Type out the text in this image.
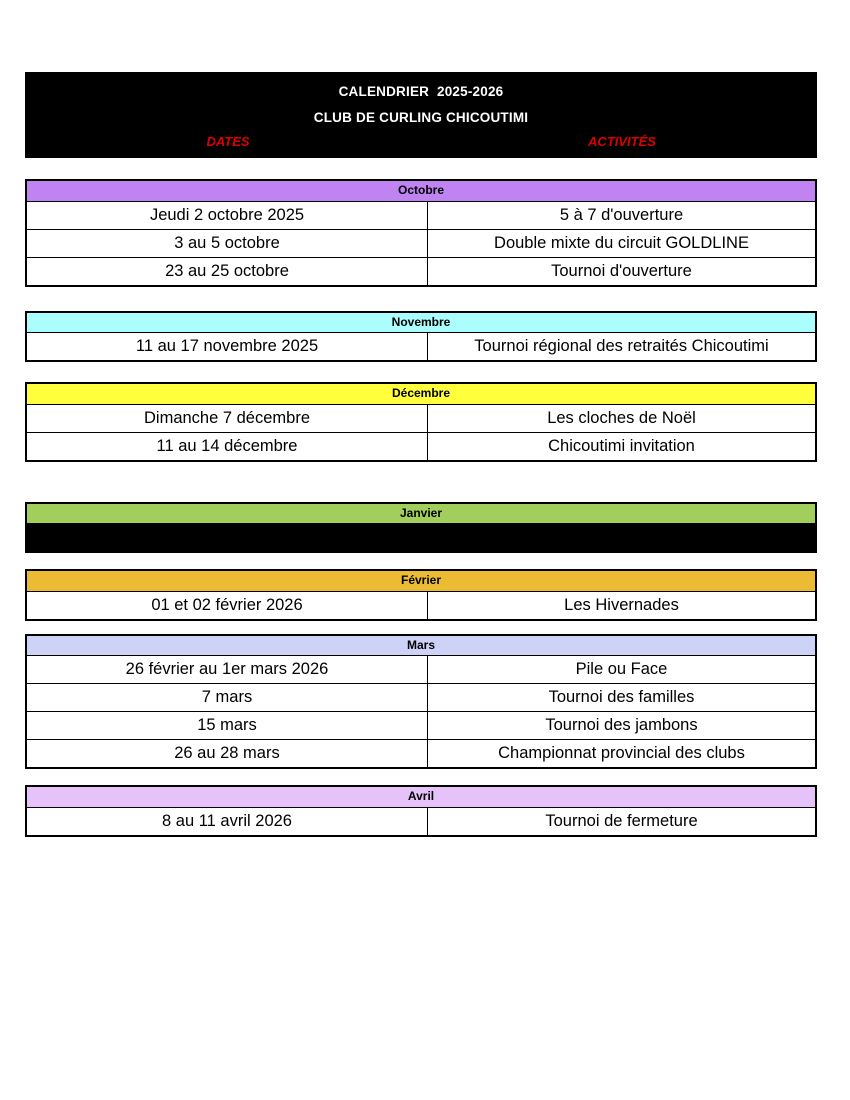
CALENDRIER  2025-2026
CLUB DE CURLING CHICOUTIMI
DATES	ACTIVITÉS
Octobre
Jeudi 2 octobre 2025	5 à 7 d'ouverture
3 au 5 octobre	Double mixte du circuit GOLDLINE
23 au 25 octobre	Tournoi d'ouverture
Novembre
11 au 17 novembre 2025	Tournoi régional des retraités Chicoutimi
Décembre
Dimanche 7 décembre	Les cloches de Noël
11 au 14 décembre	Chicoutimi invitation
Janvier
Février
01 et 02 février 2026	Les Hivernades
Mars
26 février au 1er mars 2026	Pile ou Face
7 mars	Tournoi des familles
15 mars	Tournoi des jambons
26 au 28 mars	Championnat provincial des clubs
Avril
8 au 11 avril 2026	Tournoi de fermeture
